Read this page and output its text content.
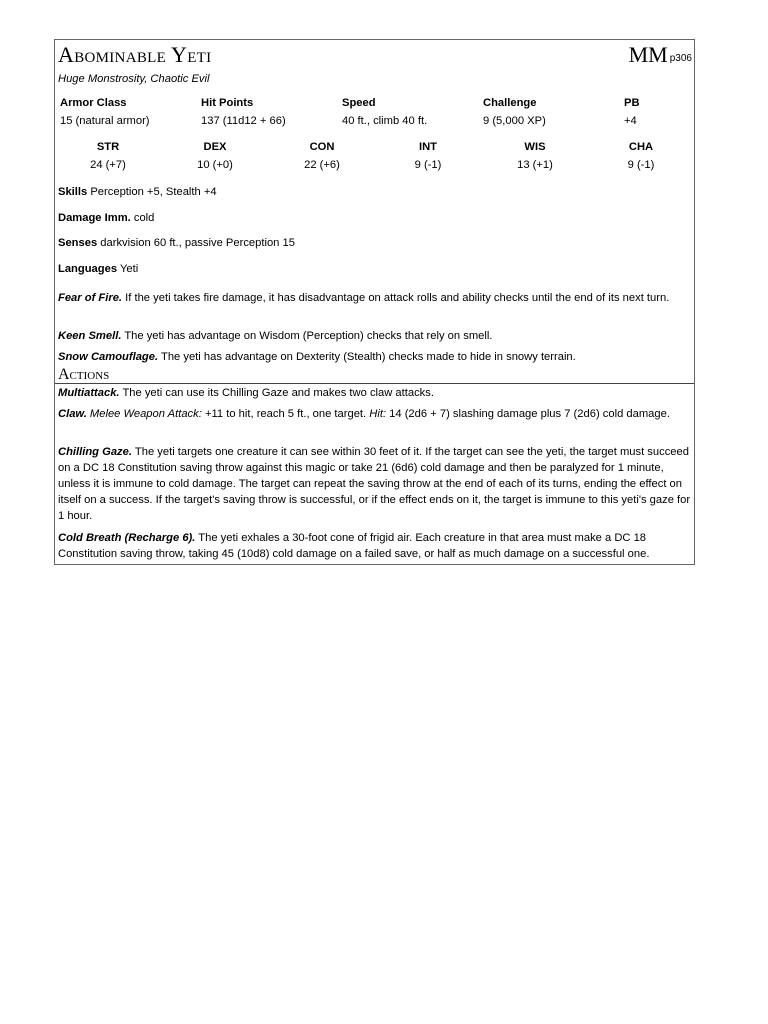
Abominable Yeti	MM p306
Huge Monstrosity, Chaotic Evil
Armor Class
15 (natural armor)
Hit Points
137 (11d12 + 66)
Speed
40 ft., climb 40 ft.
Challenge
9 (5,000 XP)
PB
+4
STR
24 (+7)
DEX
10 (+0)
CON
22 (+6)
INT
9 (-1)
WIS
13 (+1)
CHA
9 (-1)
Skills Perception +5, Stealth +4
Damage Imm. cold
Senses darkvision 60 ft., passive Perception 15
Languages Yeti
Fear of Fire. If the yeti takes fire damage, it has disadvantage on attack rolls and ability checks until the end of its next turn.
Keen Smell. The yeti has advantage on Wisdom (Perception) checks that rely on smell.
Snow Camouflage. The yeti has advantage on Dexterity (Stealth) checks made to hide in snowy terrain.
Actions
Multiattack. The yeti can use its Chilling Gaze and makes two claw attacks.
Claw. Melee Weapon Attack: +11 to hit, reach 5 ft., one target. Hit: 14 (2d6 + 7) slashing damage plus 7 (2d6) cold damage.
Chilling Gaze. The yeti targets one creature it can see within 30 feet of it. If the target can see the yeti, the target must succeed on a DC 18 Constitution saving throw against this magic or take 21 (6d6) cold damage and then be paralyzed for 1 minute, unless it is immune to cold damage. The target can repeat the saving throw at the end of each of its turns, ending the effect on itself on a success. If the target's saving throw is successful, or if the effect ends on it, the target is immune to this yeti's gaze for 1 hour.
Cold Breath (Recharge 6). The yeti exhales a 30-foot cone of frigid air. Each creature in that area must make a DC 18 Constitution saving throw, taking 45 (10d8) cold damage on a failed save, or half as much damage on a successful one.
